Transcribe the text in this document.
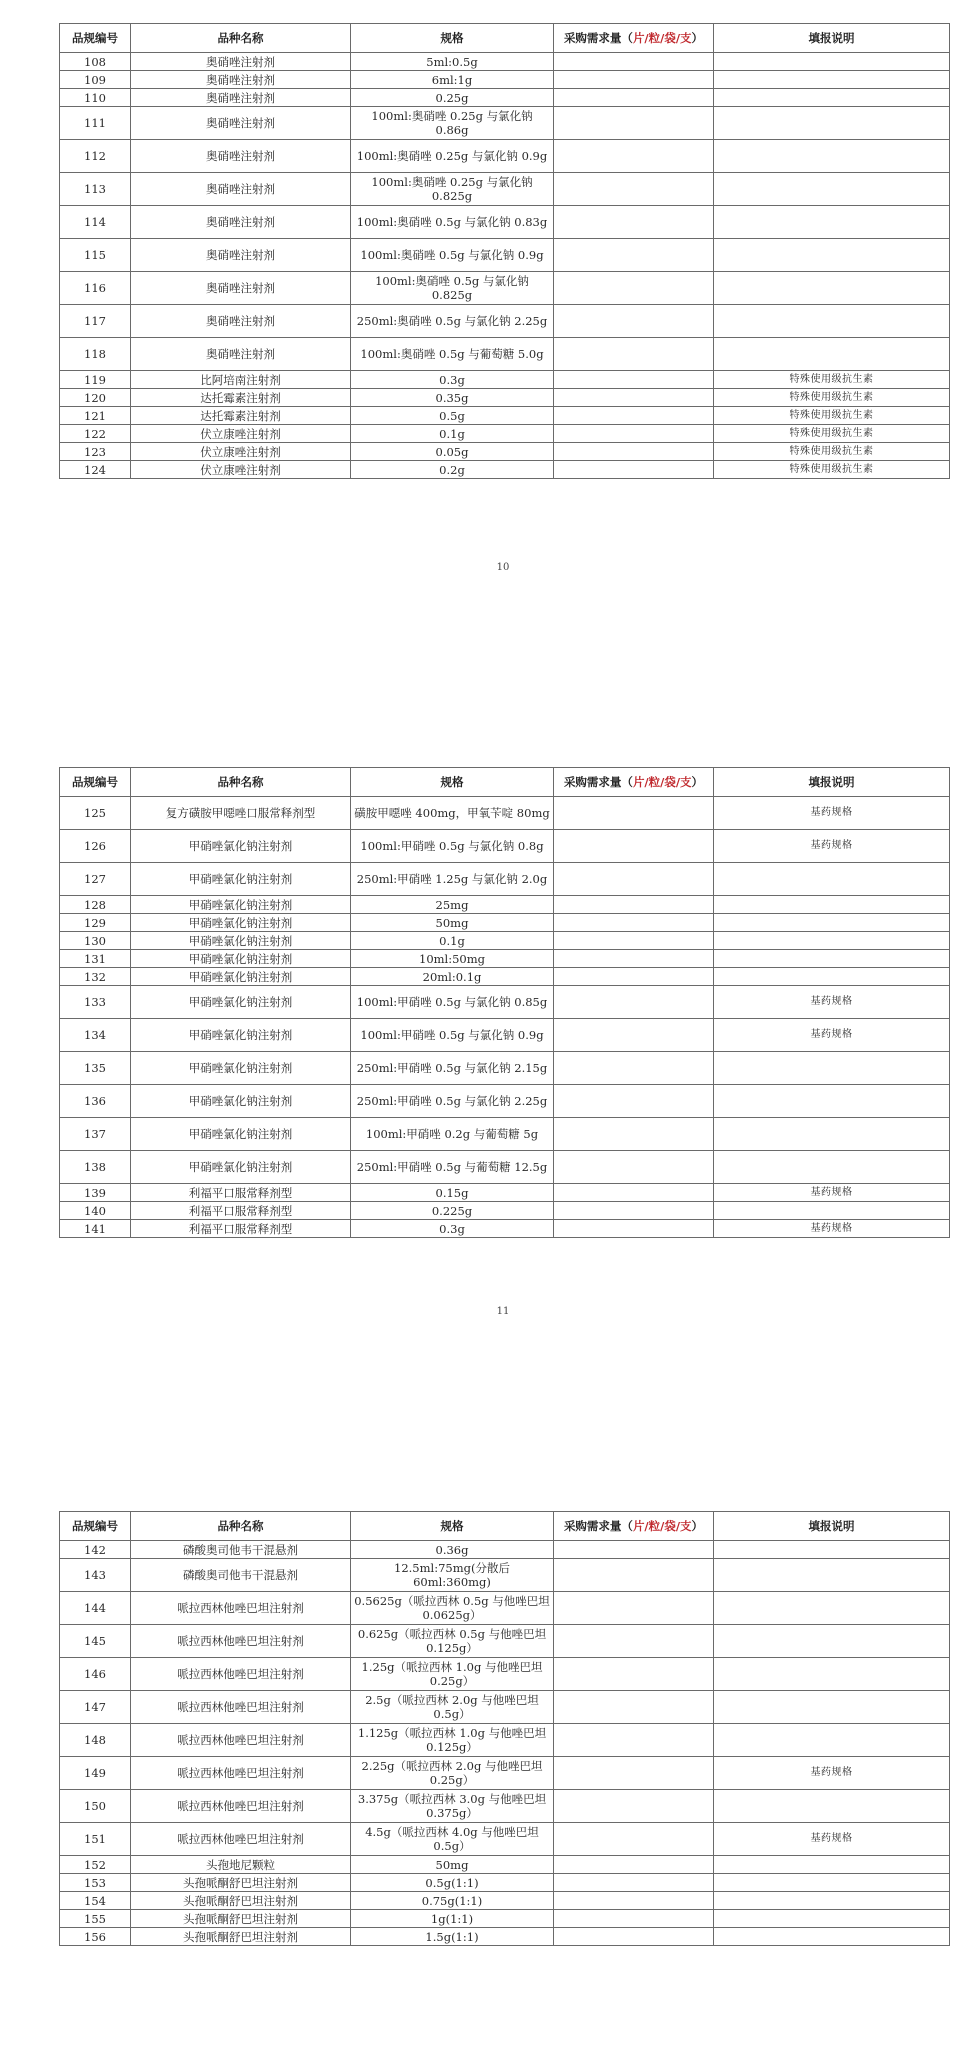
品规编号	品种名称	规格	采购需求量（片/粒/袋/支）	填报说明
108	奥硝唑注射剂	5ml:0.5g		
109	奥硝唑注射剂	6ml:1g		
110	奥硝唑注射剂	0.25g		
111	奥硝唑注射剂	100ml:奥硝唑 0.25g 与氯化钠 0.86g		
112	奥硝唑注射剂	100ml:奥硝唑 0.25g 与氯化钠 0.9g		
113	奥硝唑注射剂	100ml:奥硝唑 0.25g 与氯化钠 0.825g		
114	奥硝唑注射剂	100ml:奥硝唑 0.5g 与氯化钠 0.83g		
115	奥硝唑注射剂	100ml:奥硝唑 0.5g 与氯化钠 0.9g		
116	奥硝唑注射剂	100ml:奥硝唑 0.5g 与氯化钠 0.825g		
117	奥硝唑注射剂	250ml:奥硝唑 0.5g 与氯化钠 2.25g		
118	奥硝唑注射剂	100ml:奥硝唑 0.5g 与葡萄糖 5.0g		
119	比阿培南注射剂	0.3g		特殊使用级抗生素
120	达托霉素注射剂	0.35g		特殊使用级抗生素
121	达托霉素注射剂	0.5g		特殊使用级抗生素
122	伏立康唑注射剂	0.1g		特殊使用级抗生素
123	伏立康唑注射剂	0.05g		特殊使用级抗生素
124	伏立康唑注射剂	0.2g		特殊使用级抗生素
10
品规编号	品种名称	规格	采购需求量（片/粒/袋/支）	填报说明
125	复方磺胺甲噁唑口服常释剂型	磺胺甲噁唑 400mg，甲氧苄啶 80mg		基药规格
126	甲硝唑氯化钠注射剂	100ml:甲硝唑 0.5g 与氯化钠 0.8g		基药规格
127	甲硝唑氯化钠注射剂	250ml:甲硝唑 1.25g 与氯化钠 2.0g		
128	甲硝唑氯化钠注射剂	25mg		
129	甲硝唑氯化钠注射剂	50mg		
130	甲硝唑氯化钠注射剂	0.1g		
131	甲硝唑氯化钠注射剂	10ml:50mg		
132	甲硝唑氯化钠注射剂	20ml:0.1g		
133	甲硝唑氯化钠注射剂	100ml:甲硝唑 0.5g 与氯化钠 0.85g		基药规格
134	甲硝唑氯化钠注射剂	100ml:甲硝唑 0.5g 与氯化钠 0.9g		基药规格
135	甲硝唑氯化钠注射剂	250ml:甲硝唑 0.5g 与氯化钠 2.15g		
136	甲硝唑氯化钠注射剂	250ml:甲硝唑 0.5g 与氯化钠 2.25g		
137	甲硝唑氯化钠注射剂	100ml:甲硝唑 0.2g 与葡萄糖 5g		
138	甲硝唑氯化钠注射剂	250ml:甲硝唑 0.5g 与葡萄糖 12.5g		
139	利福平口服常释剂型	0.15g		基药规格
140	利福平口服常释剂型	0.225g		
141	利福平口服常释剂型	0.3g		基药规格
11
品规编号	品种名称	规格	采购需求量（片/粒/袋/支）	填报说明
142	磷酸奥司他韦干混悬剂	0.36g		
143	磷酸奥司他韦干混悬剂	12.5ml:75mg(分散后 60ml:360mg)		
144	哌拉西林他唑巴坦注射剂	0.5625g（哌拉西林 0.5g 与他唑巴坦 0.0625g）		
145	哌拉西林他唑巴坦注射剂	0.625g（哌拉西林 0.5g 与他唑巴坦 0.125g）		
146	哌拉西林他唑巴坦注射剂	1.25g（哌拉西林 1.0g 与他唑巴坦 0.25g）		
147	哌拉西林他唑巴坦注射剂	2.5g（哌拉西林 2.0g 与他唑巴坦 0.5g）		
148	哌拉西林他唑巴坦注射剂	1.125g（哌拉西林 1.0g 与他唑巴坦 0.125g）		
149	哌拉西林他唑巴坦注射剂	2.25g（哌拉西林 2.0g 与他唑巴坦 0.25g）		基药规格
150	哌拉西林他唑巴坦注射剂	3.375g（哌拉西林 3.0g 与他唑巴坦 0.375g）		
151	哌拉西林他唑巴坦注射剂	4.5g（哌拉西林 4.0g 与他唑巴坦 0.5g）		基药规格
152	头孢地尼颗粒	50mg		
153	头孢哌酮舒巴坦注射剂	0.5g(1:1)		
154	头孢哌酮舒巴坦注射剂	0.75g(1:1)		
155	头孢哌酮舒巴坦注射剂	1g(1:1)		
156	头孢哌酮舒巴坦注射剂	1.5g(1:1)		
